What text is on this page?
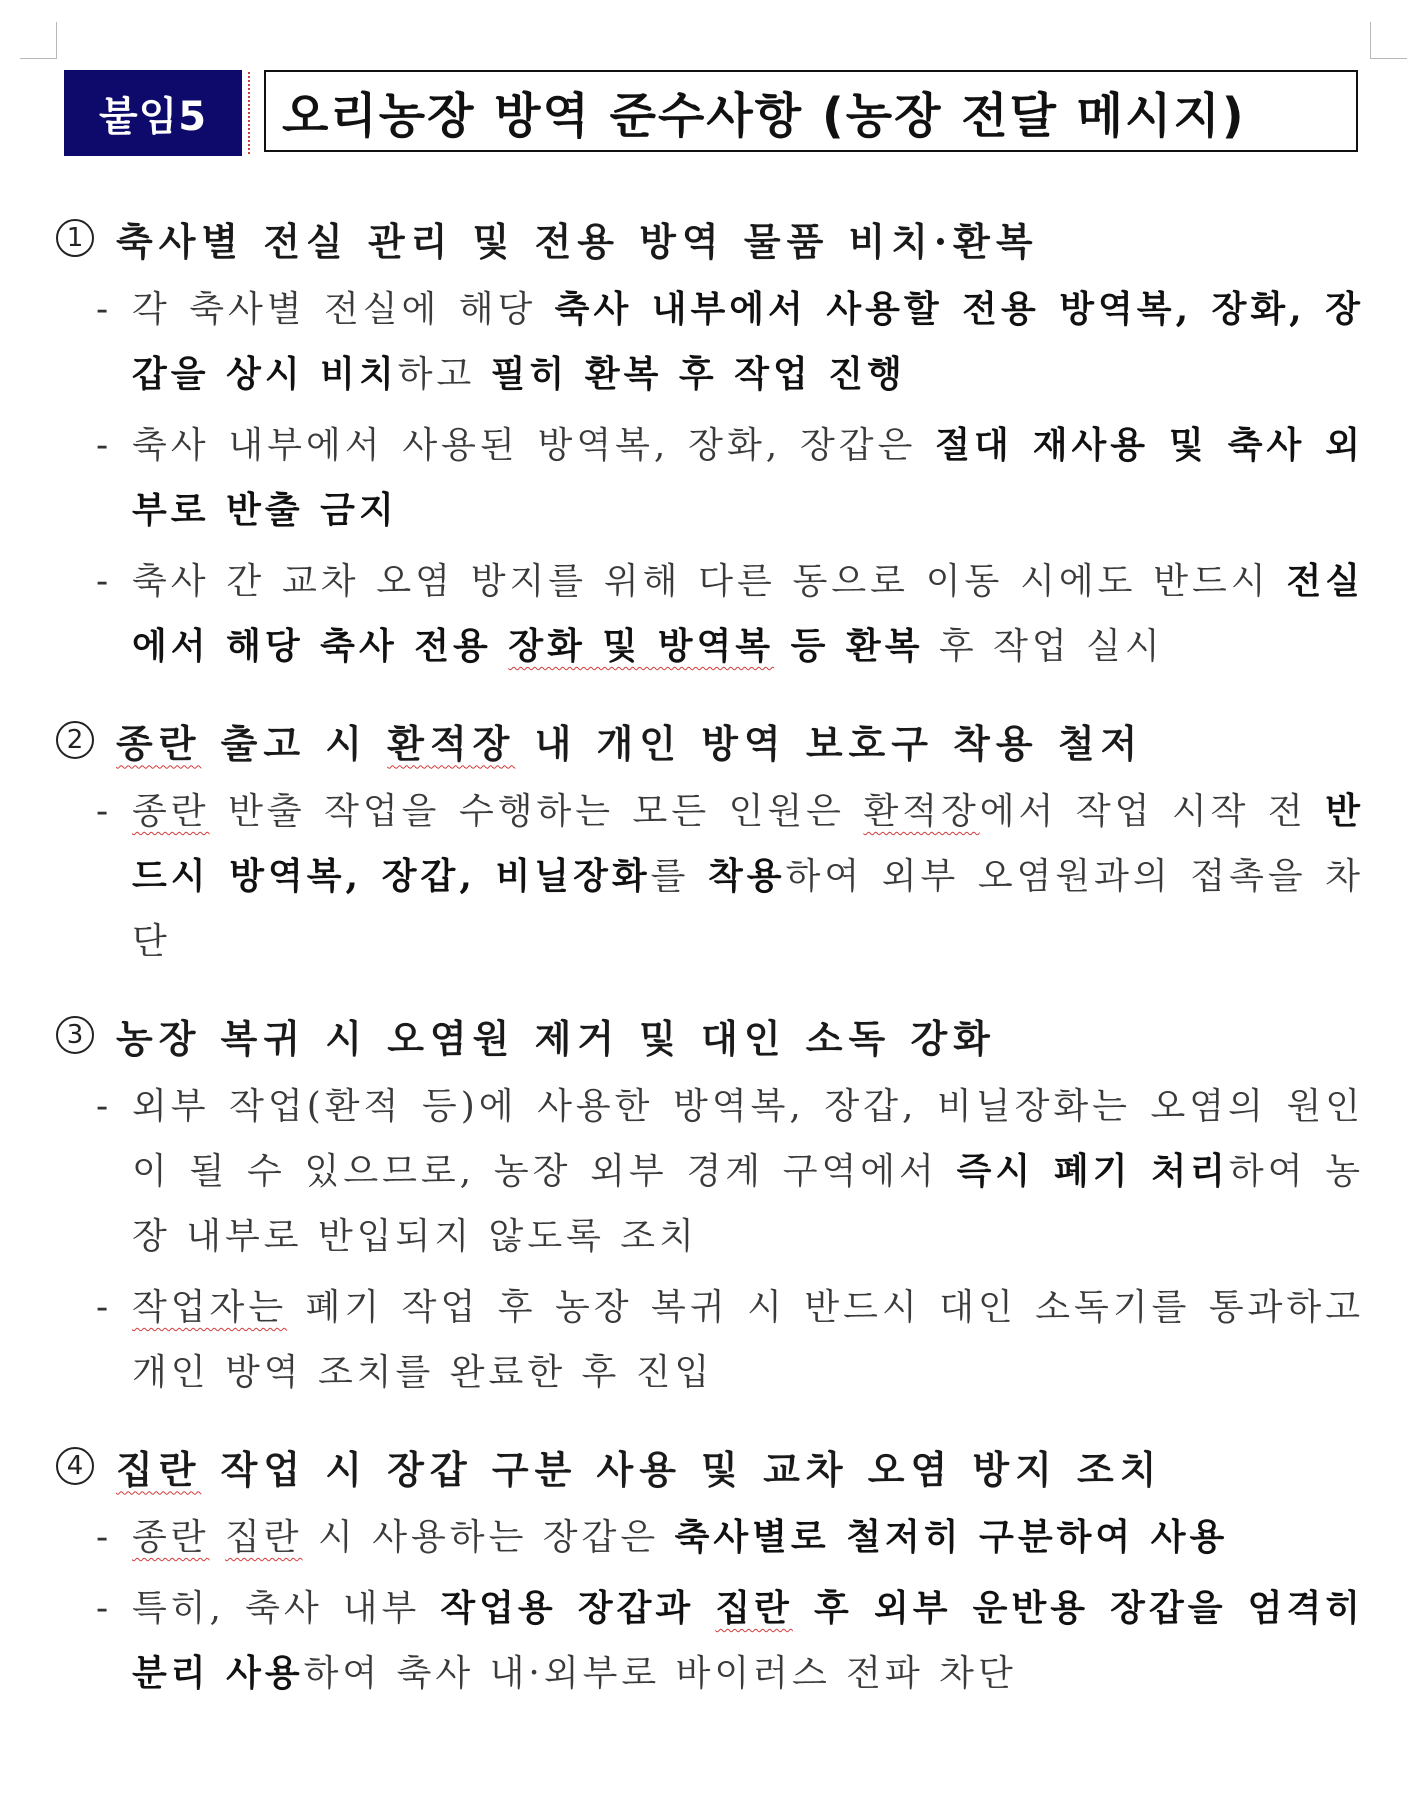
붙임5	오리농장 방역 준수사항 (농장 전달 메시지)
1 축사별 전실 관리 및 전용 방역 물품 비치·환복
- 각 축사별 전실에 해당 축사 내부에서 사용할 전용 방역복, 장화, 장갑을 상시 비치하고 필히 환복 후 작업 진행
- 축사 내부에서 사용된 방역복, 장화, 장갑은 절대 재사용 및 축사 외부로 반출 금지
- 축사 간 교차 오염 방지를 위해 다른 동으로 이동 시에도 반드시 전실에서 해당 축사 전용 장화 및 방역복 등 환복 후 작업 실시
2 종란 출고 시 환적장 내 개인 방역 보호구 착용 철저
- 종란 반출 작업을 수행하는 모든 인원은 환적장에서 작업 시작 전 반드시 방역복, 장갑, 비닐장화를 착용하여 외부 오염원과의 접촉을 차단
3 농장 복귀 시 오염원 제거 및 대인 소독 강화
- 외부 작업(환적 등)에 사용한 방역복, 장갑, 비닐장화는 오염의 원인이 될 수 있으므로, 농장 외부 경계 구역에서 즉시 폐기 처리하여 농장 내부로 반입되지 않도록 조치
- 작업자는 폐기 작업 후 농장 복귀 시 반드시 대인 소독기를 통과하고 개인 방역 조치를 완료한 후 진입
4 집란 작업 시 장갑 구분 사용 및 교차 오염 방지 조치
- 종란 집란 시 사용하는 장갑은 축사별로 철저히 구분하여 사용
- 특히, 축사 내부 작업용 장갑과 집란 후 외부 운반용 장갑을 엄격히 분리 사용하여 축사 내·외부로 바이러스 전파 차단
